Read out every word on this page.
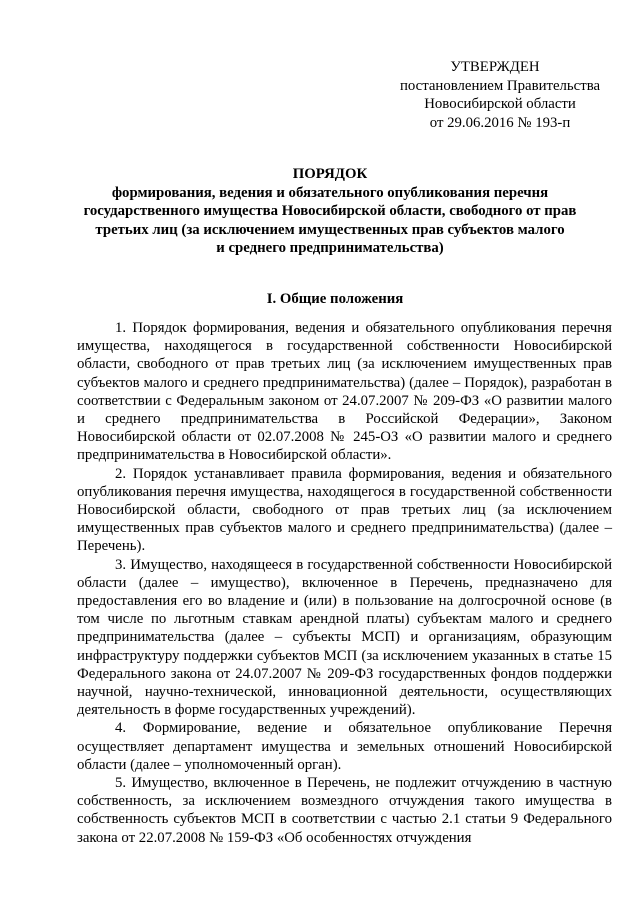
УТВЕРЖДЕН
постановлением Правительства
Новосибирской области
от 29.06.2016 № 193-п
ПОРЯДОК
формирования, ведения и обязательного опубликования перечня
государственного имущества Новосибирской области, свободного от прав
третьих лиц (за исключением имущественных прав субъектов малого
и среднего предпринимательства)
I. Общие положения

1. Порядок формирования, ведения и обязательного опубликования перечня имущества, находящегося в государственной собственности Новосибирской области, свободного от прав третьих лиц (за исключением имущественных прав субъектов малого и среднего предпринимательства) (далее – Порядок), разработан в соответствии с Федеральным законом от 24.07.2007 № 209-ФЗ «О развитии малого и среднего предпринимательства в Российской Федерации», Законом Новосибирской области от 02.07.2008 № 245-ОЗ «О развитии малого и среднего предпринимательства в Новосибирской области».

2. Порядок устанавливает правила формирования, ведения и обязательного опубликования перечня имущества, находящегося в государственной собственности Новосибирской области, свободного от прав третьих лиц (за исключением имущественных прав субъектов малого и среднего предпринимательства) (далее – Перечень).

3. Имущество, находящееся в государственной собственности Новосибирской области (далее – имущество), включенное в Перечень, предназначено для предоставления его во владение и (или) в пользование на долгосрочной основе (в том числе по льготным ставкам арендной платы) субъектам малого и среднего предпринимательства (далее – субъекты МСП) и организациям, образующим инфраструктуру поддержки субъектов МСП (за исключением указанных в статье 15 Федерального закона от 24.07.2007 № 209-ФЗ государственных фондов поддержки научной, научно-технической, инновационной деятельности, осуществляющих деятельность в форме государственных учреждений).

4. Формирование, ведение и обязательное опубликование Перечня осуществляет департамент имущества и земельных отношений Новосибирской области (далее – уполномоченный орган).

5. Имущество, включенное в Перечень, не подлежит отчуждению в частную собственность, за исключением возмездного отчуждения такого имущества в собственность субъектов МСП в соответствии с частью 2.1 статьи 9 Федерального закона от 22.07.2008 № 159-ФЗ «Об особенностях отчуждения
